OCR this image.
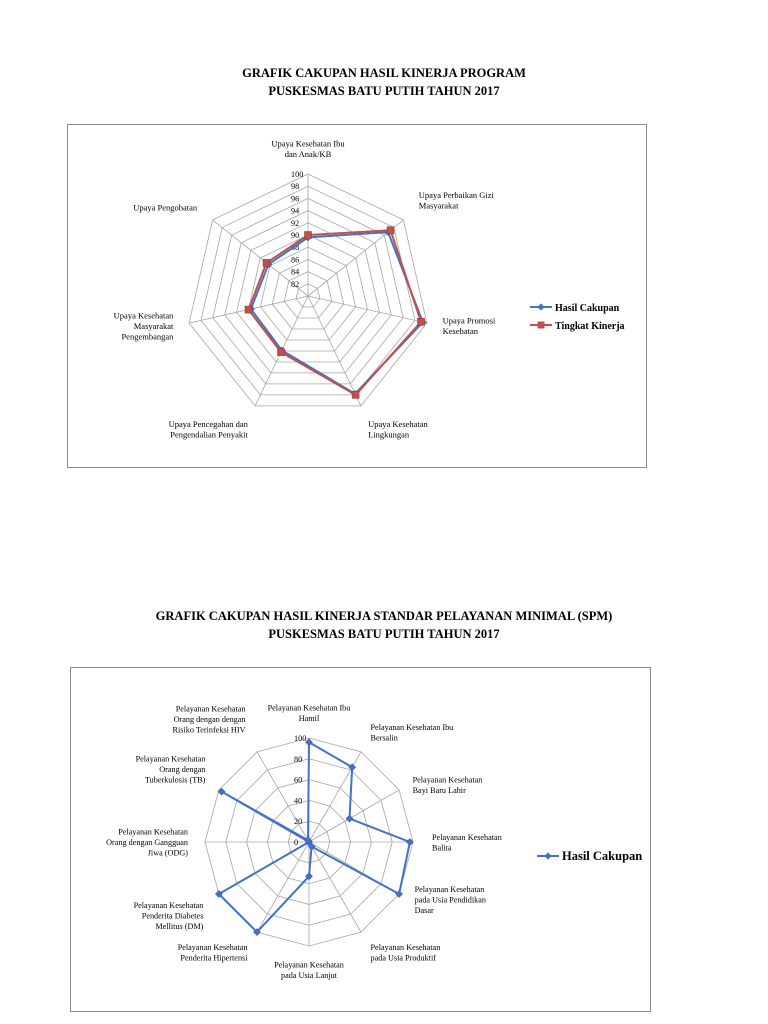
GRAFIK CAKUPAN HASIL KINERJA PROGRAM
PUSKESMAS BATU PUTIH TAHUN 2017
82
84
86
88
90
92
94
96
98
100
Upaya Kesehatan Ibu dan Anak/KB
Upaya Perbaikan Gizi Masyarakat
Upaya Promosi Kesehatan
Upaya Kesehatan Lingkungan
Upaya Pencegahan dan Pengendalian Penyakit
Upaya Kesehatan Masyarakat Pengembangan
Upaya Pengobatan
Hasil Cakupan
Tingkat Kinerja
GRAFIK CAKUPAN HASIL KINERJA STANDAR PELAYANAN MINIMAL (SPM)
PUSKESMAS BATU PUTIH TAHUN 2017
0
20
40
60
80
100
Pelayanan Kesehatan Ibu Hamil
Pelayanan Kesehatan Ibu Bersalin
Pelayanan Kesehatan Bayi Baru Lahir
Pelayanan Kesehatan Balita
Pelayanan Kesehatan pada Usia Pendidikan Dasar
Pelayanan Kesehatan pada Usia Produktif
Pelayanan Kesehatan pada Usia Lanjut
Pelayanan Kesehatan Penderita Hipertensi
Pelayanan Kesehatan Penderita Diabetes Mellitus (DM)
Pelayanan Kesehatan Orang dengan Gangguan Jiwa (ODG)
Pelayanan Kesehatan Orang dengan Tuberkulosis (TB)
Pelayanan Kesehatan Orang dengan dengan Risiko Terinfeksi HIV
Hasil Cakupan
